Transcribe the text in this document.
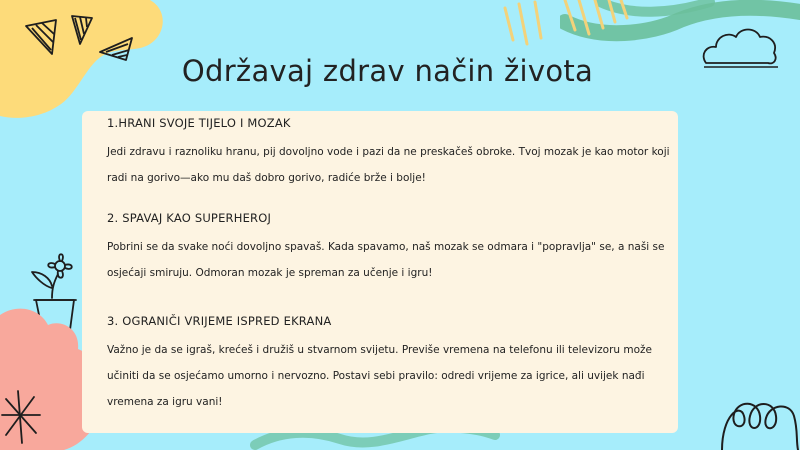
Održavaj zdrav način života
1.HRANI SVOJE TIJELO I MOZAK
Jedi zdravu i raznoliku hranu, pij dovoljno vode i pazi da ne preskačeš obroke. Tvoj mozak je kao motor koji radi na gorivo—ako mu daš dobro gorivo, radiće brže i bolje!
2. SPAVAJ KAO SUPERHEROJ
Pobrini se da svake noći dovoljno spavaš. Kada spavamo, naš mozak se odmara i "popravlja" se, a naši se osjećaji smiruju. Odmoran mozak je spreman za učenje i igru!
3. OGRANIČI VRIJEME ISPRED EKRANA
Važno je da se igraš, krećeš i družiš u stvarnom svijetu. Previše vremena na telefonu ili televizoru može učiniti da se osjećamo umorno i nervozno. Postavi sebi pravilo: odredi vrijeme za igrice, ali uvijek nađi vremena za igru vani!
